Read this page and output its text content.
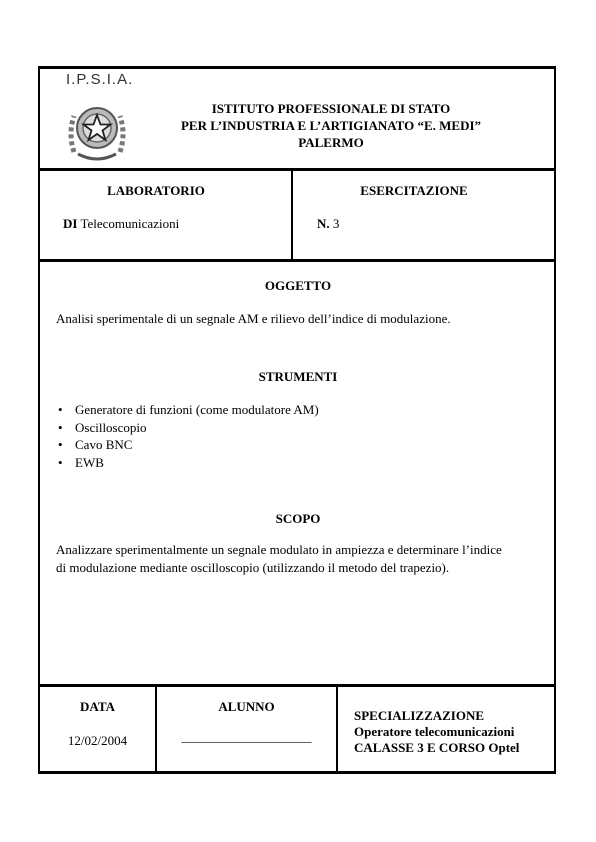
I.P.S.I.A.
ISTITUTO PROFESSIONALE DI STATO
PER L’INDUSTRIA E L’ARTIGIANATO “E. MEDI”
PALERMO
LABORATORIO
DI Telecomunicazioni
ESERCITAZIONE
N. 3
OGGETTO
Analisi sperimentale di un segnale AM e rilievo dell’indice di modulazione.
STRUMENTI
• Generatore di funzioni (come modulatore AM)
• Oscilloscopio
• Cavo BNC
• EWB
SCOPO
Analizzare sperimentalmente un segnale modulato in ampiezza e determinare l’indice
di modulazione mediante oscilloscopio (utilizzando il metodo del trapezio).
DATA
12/02/2004
ALUNNO
____________________
SPECIALIZZAZIONE
Operatore telecomunicazioni
CALASSE 3 E CORSO Optel
